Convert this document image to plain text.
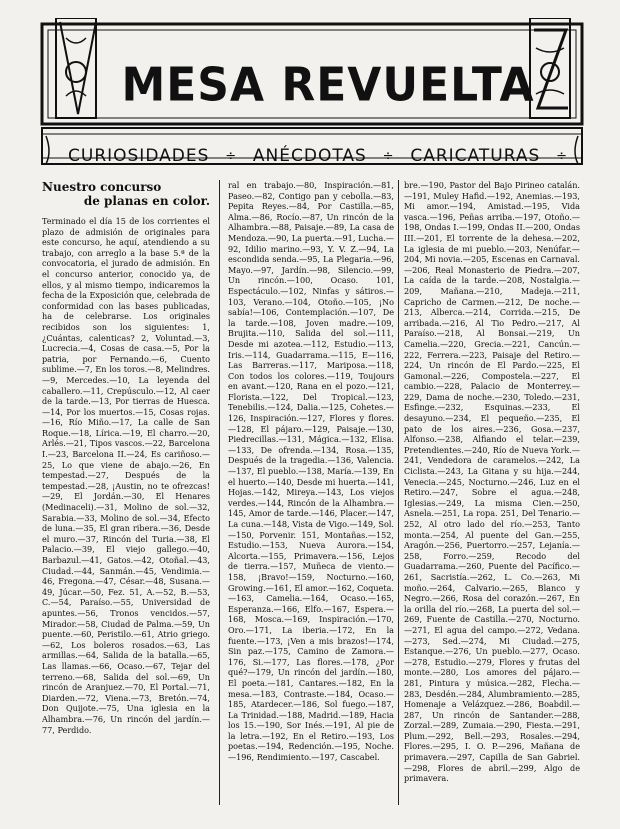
MESA REVUELTA
CURIOSIDADES ÷ ANÉCDOTAS ÷ CARICATURAS ÷

Nuestro concurso

de planas en color.

Terminado el día 15 de los corrientes el plazo de admisión de originales para este concurso, he aquí, atendiendo a su trabajo, con arreglo a la base 5.ª de la convocatoria, el jurado de admisión. En el concurso anterior, conocido ya, de ellos, y al mismo tiempo, indicaremos la fecha de la Exposición que, celebrada de conformidad con las bases publicadas, ha de celebrarse. Los originales recibidos son los siguientes: 1, ¿Cuántas, calenticas? 2, Voluntad.—3, Lucrecia.—4, Cosas de casa.—5, Por la patria, por Fernando.—6, Cuento sublime.—7, En los toros.—8, Melindres.—9, Mercedes.—10, La leyenda del caballero.—11, Crepúsculo.—12, Al caer de la tarde.—13, Por tierras de Huesca.—14, Por los muertos.—15, Cosas rojas.—16, Río Miño.—17, La calle de San Roque.—18, Lírica.—19, El charro.—20, Arlés.—21, Tipos vascos.—22, Barcelona I.—23, Barcelona II.—24, Es cariñoso.—25, Lo que viene de abajo.—26, En tempestad.—27, Después de la tempestad.—28, ¡Austin, no te ofrezcas!—29, El Jordán.—30, El Henares (Medinaceli).—31, Molino de sol.—32, Sarabia.—33, Molino de sol.—34, Efecto de luna.—35, El gran ribera.—36, Desde el muro.—37, Rincón del Turia.—38, El Palacio.—39, El viejo gallego.—40, Barbazul.—41, Gatos.—42, Otoñal.—43, Ciudad.—44, Sanmán.—45, Vendimia.—46, Fregona.—47, César.—48, Susana.—49, Júcar.—50, Fez. 51, A.—52, B.—53, C.—54, Paraíso.—55, Universidad de apuntes.—56, Tronos vencidos.—57, Mirador.—58, Ciudad de Palma.—59, Un puente.—60, Peristilo.—61, Atrio griego.—62, Los boleros rosados.—63, Las armillas.—64, Salida de la batalla.—65, Las llamas.—66, Ocaso.—67, Tejar del terreno.—68, Salida del sol.—69, Un rincón de Aranjuez.—70, El Portal.—71, Diarden.—72, Viena.—73, Bretón.—74, Don Quijote.—75, Una iglesia en la Alhambra.—76, Un rincón del jardín.—77, Perdido.

ral en trabajo.—80, Inspiración.—81, Paseo.—82, Contigo pan y cebolla.—83, Pepita Reyes.—84, Por Castilla.—85, Alma.—86, Rocío.—87, Un rincón de la Alhambra.—88, Paisaje.—89, La casa de Mendoza.—90, La puerta.—91, Lucha.—92, Idilio marino.—93, Y. V. Z.—94, La escondida senda.—95, La Plegaria.—96, Mayo.—97, Jardín.—98, Silencio.—99, Un rincón.—100, Ocaso. 101, Espectáculo.—102, Ninfas y sátiros.—103, Verano.—104, Otoño.—105, ¡No sabía!—106, Contemplación.—107, De la tarde.—108, Joven madre.—109, Brujita.—110, Salida del sol.—111, Desde mi azotea.—112, Estudio.—113, Iris.—114, Guadarrama.—115, E—116, Las Barreras.—117, Mariposa.—118, Con todos los colores.—119, Toujours en avant.—120, Rana en el pozo.—121, Florista.—122, Del Tropical.—123, Tenebilis.—124, Dalia.—125, Cohetes.—126, Inspiración.—127, Flores y flores.—128, El pájaro.—129, Paisaje.—130, Piedrecillas.—131, Mágica.—132, Elisa.—133, De ofrenda.—134, Rosa.—135, Después de la tragedia.—136, Valencia.—137, El pueblo.—138, María.—139, En el huerto.—140, Desde mi huerta.—141, Hojas.—142, Mireya.—143, Los viejos verdes.—144, Rincón de la Alhambra.—145, Amor de tarde.—146, Placer.—147, La cuna.—148, Vista de Vigo.—149, Sol.—150, Porvenir. 151, Montañas.—152, Estudio.—153, Nueva Aurora.—154, Alcorta.—155, Primavera.—156, Lejos de tierra.—157, Muñeca de viento.—158, ¡Bravo!—159, Nocturno.—160, Growing.—161, El amor.—162, Coqueta.—163, Camelia.—164, Ocaso.—165, Esperanza.—166, Elfo.—167, Espera.—168, Mosca.—169, Inspiración.—170, Oro.—171, La iberia.—172, En la fuente.—173, ¡Ven a mis brazos!—174, Sin paz.—175, Camino de Zamora.—176, Si.—177, Las flores.—178, ¿Por qué?—179, Un rincón del jardín.—180, El poeta.—181, Cantares.—182, En la mesa.—183, Contraste.—184, Ocaso.—185, Atardecer.—186, Sol fuego.—187, La Trinidad.—188, Madrid.—189, Hacia los 15.—190, Sor Inés.—191, Al pie de la letra.—192, En el Retiro.—193, Los poetas.—194, Redención.—195, Noche.—196, Rendimiento.—197, Cascabel.

bre.—190, Pastor del Bajo Pirineo catalán.—191, Muley Hafid.—192, Anemias.—193, Mi amor.—194, Amistad.—195, Vida vasca.—196, Peñas arriba.—197, Otoño.—198, Ondas I.—199, Ondas II.—200, Ondas III.—201, El torrente de la dehesa.—202, La iglesia de mi pueblo.—203, Nenúfar.—204, Mi novia.—205, Escenas en Carnaval.—206, Real Monasterio de Piedra.—207, La caída de la tarde.—208, Nostalgia.—209, Mañana.—210, Madeja.—211, Capricho de Carmen.—212, De noche.—213, Alberca.—214, Corrida.—215, De arribada.—216, Al Tio Pedro.—217, Al Paraíso.—218, Al Bonsai.—219, Un Camelia.—220, Grecia.—221, Cancún.—222, Ferrera.—223, Paisaje del Retiro.—224, Un rincón de El Pardo.—225, El Gamonal.—226, Compostela.—227, El cambio.—228, Palacio de Monterrey.—229, Dama de noche.—230, Toledo.—231, Esfinge.—232, Esquinas.—233, El desayuno.—234, El pequeño.—235, El pato de los aires.—236, Gosa.—237, Alfonso.—238, Alfiando el telar.—239, Pretendientes.—240, Río de Nueva York.—241, Vendedora de caramelos.—242, La Ciclista.—243, La Gitana y su hija.—244, Venecia.—245, Nocturno.—246, Luz en el Retiro.—247, Sobre el agua.—248, Iglesias.—249, La misma Cien.—250, Asnela.—251, La ropa. 251, Del Tenario.—252, Al otro lado del río.—253, Tanto monta.—254, Al puente del Gan.—255, Aragón.—256, Puertorro.—257, Lejanía.—258, Forro.—259, Recodo del Guadarrama.—260, Puente del Pacífico.—261, Sacristía.—262, L. Co.—263, Mi moño.—264, Calvario.—265, Blanco y Negro.—266, Rosa del corazón.—267, En la orilla del río.—268, La puerta del sol.—269, Fuente de Castilla.—270, Nocturno.—271, El agua del campo.—272, Vedana.—273, Sed.—274, Mi Ciudad.—275, Estanque.—276, Un pueblo.—277, Ocaso.—278, Estudio.—279, Flores y frutas del monte.—280, Los amores del pájaro.—281, Pintura y música.—282, Flecha.—283, Desdén.—284, Alumbramiento.—285, Homenaje a Velázquez.—286, Boabdil.—287, Un rincón de Santander.—288, Zorzal.—289, Zumaia.—290, Fiesta.—291, Plum.—292, Bell.—293, Rosales.—294, Flores.—295, I. O. P.—296, Mañana de primavera.—297, Capilla de San Gabriel.—298, Flores de abril.—299, Algo de primavera.
